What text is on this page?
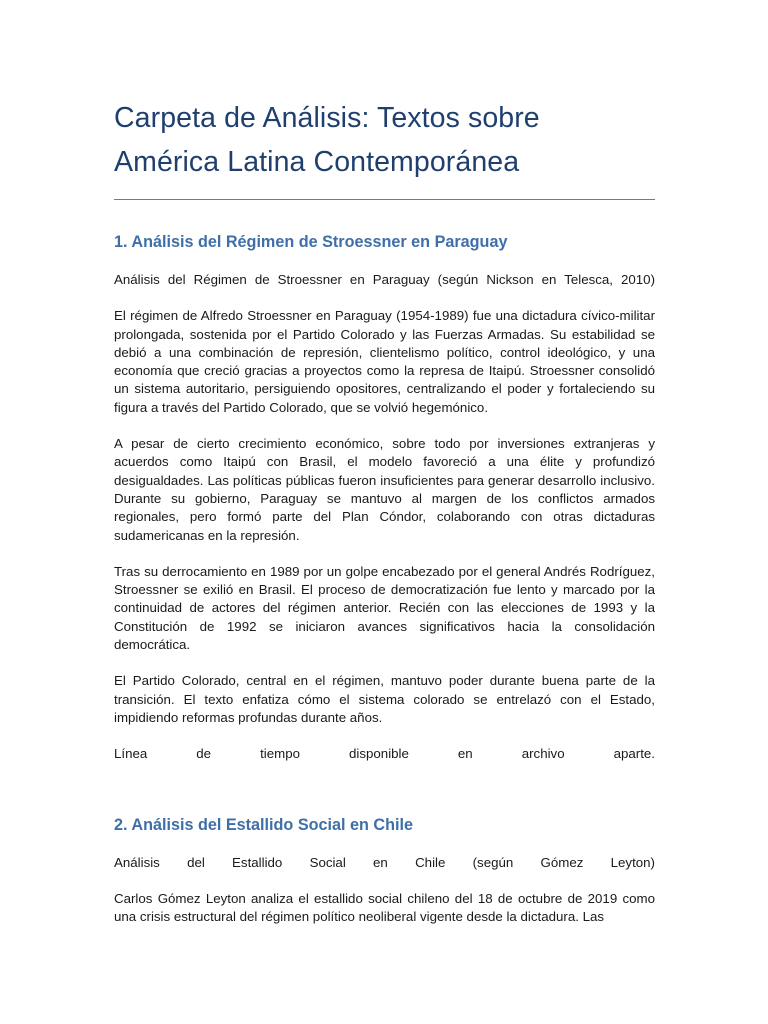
Carpeta de Análisis: Textos sobre
América Latina Contemporánea
1. Análisis del Régimen de Stroessner en Paraguay

Análisis del Régimen de Stroessner en Paraguay (según Nickson en Telesca, 2010)

El régimen de Alfredo Stroessner en Paraguay (1954-1989) fue una dictadura cívico-militar prolongada, sostenida por el Partido Colorado y las Fuerzas Armadas. Su estabilidad se debió a una combinación de represión, clientelismo político, control ideológico, y una economía que creció gracias a proyectos como la represa de Itaipú. Stroessner consolidó un sistema autoritario, persiguiendo opositores, centralizando el poder y fortaleciendo su figura a través del Partido Colorado, que se volvió hegemónico.

A pesar de cierto crecimiento económico, sobre todo por inversiones extranjeras y acuerdos como Itaipú con Brasil, el modelo favoreció a una élite y profundizó desigualdades. Las políticas públicas fueron insuficientes para generar desarrollo inclusivo. Durante su gobierno, Paraguay se mantuvo al margen de los conflictos armados regionales, pero formó parte del Plan Cóndor, colaborando con otras dictaduras sudamericanas en la represión.

Tras su derrocamiento en 1989 por un golpe encabezado por el general Andrés Rodríguez, Stroessner se exilió en Brasil. El proceso de democratización fue lento y marcado por la continuidad de actores del régimen anterior. Recién con las elecciones de 1993 y la Constitución de 1992 se iniciaron avances significativos hacia la consolidación democrática.

El Partido Colorado, central en el régimen, mantuvo poder durante buena parte de la transición. El texto enfatiza cómo el sistema colorado se entrelazó con el Estado, impidiendo reformas profundas durante años.

Línea de tiempo disponible en archivo aparte.

2. Análisis del Estallido Social en Chile

Análisis del Estallido Social en Chile (según Gómez Leyton)

Carlos Gómez Leyton analiza el estallido social chileno del 18 de octubre de 2019 como una crisis estructural del régimen político neoliberal vigente desde la dictadura. Las
